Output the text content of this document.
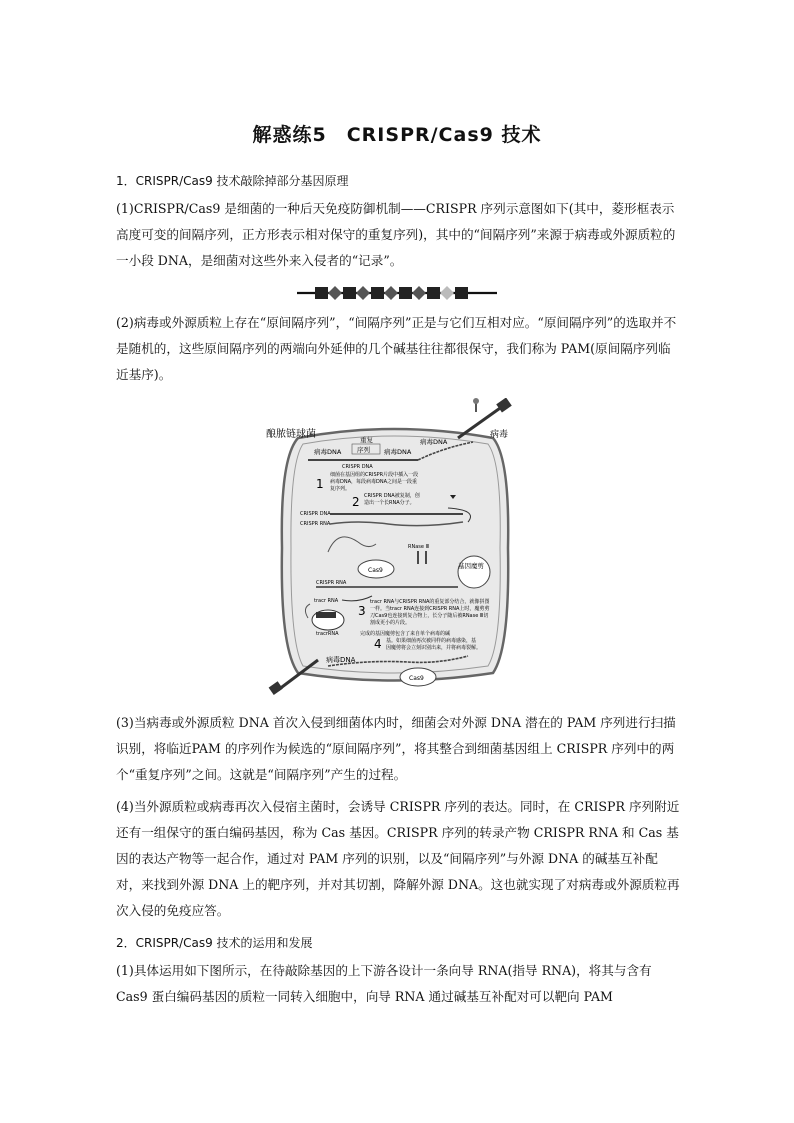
解惑练5　CRISPR/Cas9 技术
1．CRISPR/Cas9 技术敲除掉部分基因原理
(1)CRISPR/Cas9 是细菌的一种后天免疫防御机制——CRISPR 序列示意图如下(其中，菱形框表示高度可变的间隔序列，正方形表示相对保守的重复序列)，其中的“间隔序列”来源于病毒或外源质粒的一小段 DNA，是细菌对这些外来入侵者的“记录”。
(2)病毒或外源质粒上存在“原间隔序列”，“间隔序列”正是与它们互相对应。“原间隔序列”的选取并不是随机的，这些原间隔序列的两端向外延伸的几个碱基往往都很保守，我们称为 PAM(原间隔序列临近基序)。
酿脓链球菌	病毒
病毒DNA
重复
序列
病毒DNA	病毒DNA
CRISPR DNA
1
细菌在基因组的CRISPR片段中插入一段
病毒DNA，每段病毒DNA之间是一段重
复序列。
2 CRISPR DNA被复制，创
造出一个长RNA分子。
CRISPR DNA
CRISPR RNA
Cas9
RNase Ⅲ
基因魔剪
CRISPR RNA
tracr RNA
tracrRNA
3
tracr RNA与CRISPR RNA的重复部分结合，就像拼图
一样。当tracr RNA连接到CRISPR RNA上时，魔剪剪
刀Cas9也连接到复合物上，长分子随后被RNase Ⅲ切
割成更小的片段。
4
完成的基因魔剪包含了来自单个病毒的碱
基。如果细菌再次被同样的病毒感染，基
因魔剪将会立刻识别出来，并将病毒裂解。
病毒DNA
Cas9
(3)当病毒或外源质粒 DNA 首次入侵到细菌体内时，细菌会对外源 DNA 潜在的 PAM 序列进行扫描识别，将临近PAM 的序列作为候选的“原间隔序列”，将其整合到细菌基因组上 CRISPR 序列中的两个“重复序列”之间。这就是“间隔序列”产生的过程。
(4)当外源质粒或病毒再次入侵宿主菌时，会诱导 CRISPR 序列的表达。同时，在 CRISPR 序列附近还有一组保守的蛋白编码基因，称为 Cas 基因。CRISPR 序列的转录产物 CRISPR RNA 和 Cas 基因的表达产物等一起合作，通过对 PAM 序列的识别，以及“间隔序列”与外源 DNA 的碱基互补配对，来找到外源 DNA 上的靶序列，并对其切割，降解外源 DNA。这也就实现了对病毒或外源质粒再次入侵的免疫应答。
2．CRISPR/Cas9 技术的运用和发展
(1)具体运用如下图所示，在待敲除基因的上下游各设计一条向导 RNA(指导 RNA)，将其与含有 Cas9 蛋白编码基因的质粒一同转入细胞中，向导 RNA 通过碱基互补配对可以靶向 PAM
